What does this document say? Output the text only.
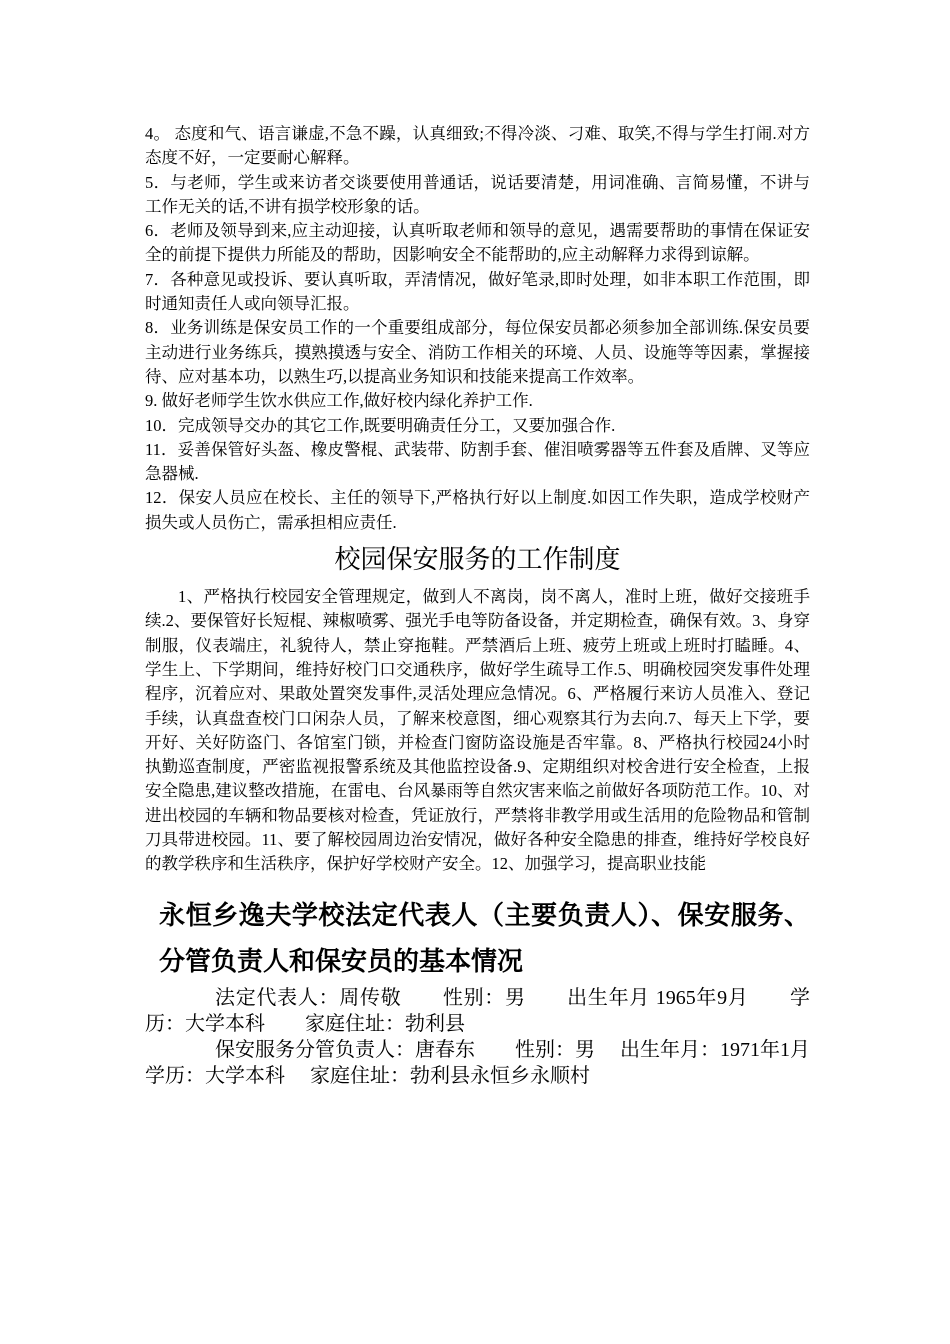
4。 态度和气、语言谦虚,不急不躁，认真细致;不得冷淡、刁难、取笑,不得与学生打闹.对方态度不好，一定要耐心解释。

5．与老师，学生或来访者交谈要使用普通话，说话要清楚，用词准确、言简易懂，不讲与工作无关的话,不讲有损学校形象的话。

6．老师及领导到来,应主动迎接，认真听取老师和领导的意见，遇需要帮助的事情在保证安全的前提下提供力所能及的帮助，因影响安全不能帮助的,应主动解释力求得到谅解。

7．各种意见或投诉、要认真听取，弄清情况，做好笔录,即时处理，如非本职工作范围，即时通知责任人或向领导汇报。

8．业务训练是保安员工作的一个重要组成部分，每位保安员都必须参加全部训练.保安员要主动进行业务练兵，摸熟摸透与安全、消防工作相关的环境、人员、设施等等因素，掌握接待、应对基本功，以熟生巧,以提高业务知识和技能来提高工作效率。

9. 做好老师学生饮水供应工作,做好校内绿化养护工作.

10．完成领导交办的其它工作,既要明确责任分工，又要加强合作.

11．妥善保管好头盔、橡皮警棍、武装带、防割手套、催泪喷雾器等五件套及盾牌、叉等应急器械.

12．保安人员应在校长、主任的领导下,严格执行好以上制度.如因工作失职，造成学校财产损失或人员伤亡，需承担相应责任.

校园保安服务的工作制度

1、严格执行校园安全管理规定，做到人不离岗，岗不离人，准时上班，做好交接班手续.2、要保管好长短棍、辣椒喷雾、强光手电等防备设备，并定期检查，确保有效。3、身穿制服，仪表端庄，礼貌待人，禁止穿拖鞋。严禁酒后上班、疲劳上班或上班时打瞌睡。4、学生上、下学期间，维持好校门口交通秩序，做好学生疏导工作.5、明确校园突发事件处理程序，沉着应对、果敢处置突发事件,灵活处理应急情况。6、严格履行来访人员准入、登记手续，认真盘查校门口闲杂人员，了解来校意图，细心观察其行为去向.7、每天上下学，要开好、关好防盗门、各馆室门锁，并检查门窗防盗设施是否牢靠。8、严格执行校园24小时执勤巡查制度，严密监视报警系统及其他监控设备.9、定期组织对校舍进行安全检查，上报安全隐患,建议整改措施，在雷电、台风暴雨等自然灾害来临之前做好各项防范工作。10、对进出校园的车辆和物品要核对检查，凭证放行，严禁将非教学用或生活用的危险物品和管制刀具带进校园。11、要了解校园周边治安情况，做好各种安全隐患的排查，维持好学校良好的教学秩序和生活秩序，保护好学校财产安全。12、加强学习，提高职业技能

永恒乡逸夫学校法定代表人（主要负责人）、保安服务、分管负责人和保安员的基本情况

法定代表人：周传敬　　性别：男　　出生年月 1965年9月　　学历：大学本科　　家庭住址：勃利县

保安服务分管负责人：唐春东　　性别：男　 出生年月：1971年1月　 学历：大学本科　 家庭住址：勃利县永恒乡永顺村
